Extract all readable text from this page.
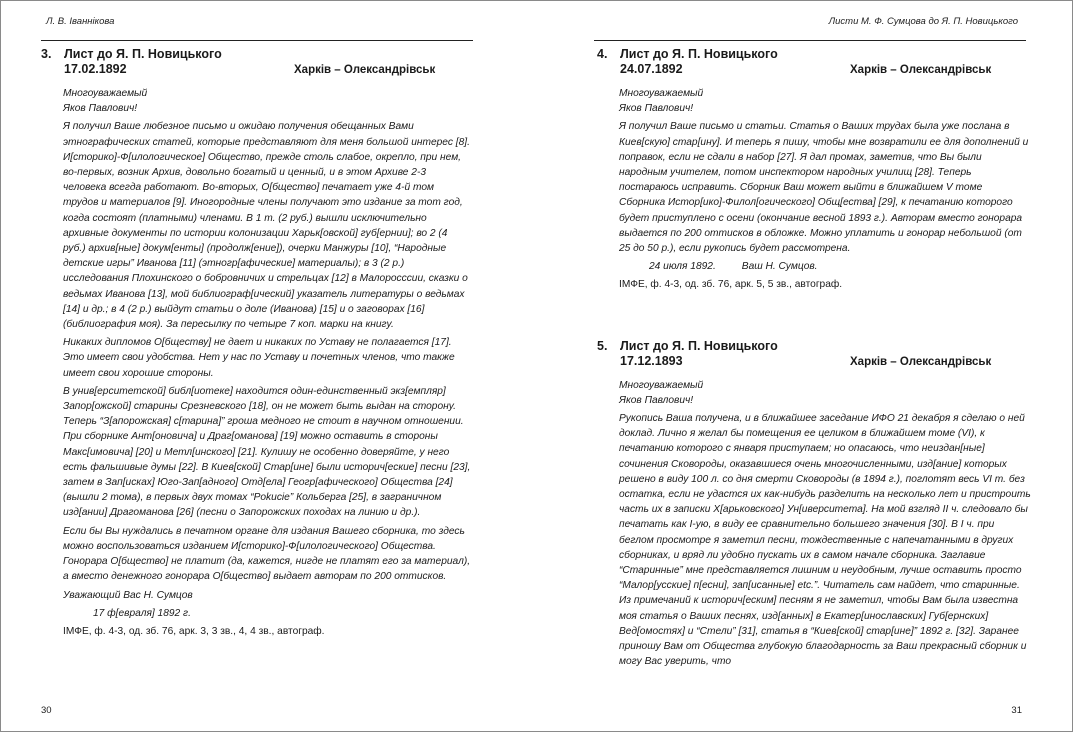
Л. В. Іваннікова
3.	Лист до Я. П. Новицького
17.02.1892	Харків – Олександрівськ

Многоуважаемый

Яков Павлович!

Я получил Ваше любезное письмо и ожидаю получения обещанных Вами этнографических статей, которые представляют для меня большой интерес [8]. И[сторико]-Ф[илологическое] Общество, прежде столь слабое, окрепло, при нем, во-первых, возник Архив, довольно богатый и ценный, и в этом Архиве 2-3 человека всегда работают. Во-вторых, О[бщество] печатает уже 4-й том трудов и материалов [9]. Иногородные члены получают это издание за тот год, когда состоят (платными) членами. В 1 т. (2 руб.) вышли исключительно архивные документы по истории колонизации Харьк[овской] губ[ернии]; во 2 (4 руб.) архив[ные] докум[енты] (продолж[ение]), очерки Манжуры [10], “Народные детские игры” Иванова [11] (этногр[афические] материалы); в 3 (2 р.) исследования Плохинского о бобровничих и стрельцах [12] в Малоросссии, сказки о ведьмах Иванова [13], мой библиограф[ический] указатель литературы о ведьмах [14] и др.; в 4 (2 р.) выйдут статьи о доле (Иванова) [15] и о заговорах [16] (библиография моя). За пересылку по четыре 7 коп. марки на книгу.

Никаких дипломов О[бществу] не дает и никаких по Уставу не полагается [17]. Это имеет свои удобства. Нет у нас по Уставу и почетных членов, что также имеет свои хорошие стороны.

В унив[ерситетской] библ[иотеке] находится один-единственный экз[емпляр] Запор[ожской] старины Срезневского [18], он не может быть выдан на сторону. Теперь “З[апорожская] с[тарина]” гроша медного не стоит в научном отношении. При сборнике Ант[оновича] и Драг[оманова] [19] можно оставить в стороны Макс[имовича] [20] и Метл[инского] [21]. Кулишу не особенно доверяйте, у него есть фальшивые думы [22]. В Киев[ской] Стар[ине] были историч[еские] песни [23], затем в Зап[исках] Юго-Зап[адного] Отд[ела] Геогр[афического] Общества [24] (вышли 2 тома), в первых двух томах “Pokucie” Кольберга [25], в заграничном изд[ании] Драгоманова [26] (песни о Запорожских походах на линию и др.).

Если бы Вы нуждались в печатном органе для издания Вашего сборника, то здесь можно воспользоваться изданием И[сторико]-Ф[илологического] Общества. Гонорара О[бщество] не платит (да, кажется, нигде не платят его за материал), а вместо денежного гонорара О[бщество] выдает авторам по 200 оттисков.

Уважающий Вас Н. Сумцов

17 ф[евраля] 1892 г.

ІМФЕ, ф. 4-3, од. зб. 76, арк. 3, 3 зв., 4, 4 зв., автограф.

30
Листи М. Ф. Сумцова до Я. П. Новицького
4.	Лист до Я. П. Новицького
24.07.1892	Харків – Олександрівськ

Многоуважаемый

Яков Павлович!

Я получил Ваше письмо и статьи. Статья о Ваших трудах была уже послана в Киев[скую] стар[ину]. И теперь я пишу, чтобы мне возвратили ее для дополнений и поправок, если не сдали в набор [27]. Я дал промах, заметив, что Вы были народным учителем, потом инспектором народных училищ [28]. Теперь постараюсь исправить. Сборник Ваш может выйти в ближайшем V томе Сборника Истор[ико]-Филол[огического] Общ[ества] [29], к печатанию которого будет приступлено с осени (окончание весной 1893 г.). Авторам вместо гонорара выдается по 200 оттисков в обложке. Можно уплатить и гонорар небольшой (от 25 до 50 р.), если рукопись будет рассмотрена.

24 июля 1892.	Ваш Н. Сумцов.

ІМФЕ, ф. 4-3, од. зб. 76, арк. 5, 5 зв., автограф.

5.	Лист до Я. П. Новицького
17.12.1893	Харків – Олександрівськ

Многоуважаемый

Яков Павлович!

Рукопись Ваша получена, и в ближайшее заседание ИФО 21 декабря я сделаю о ней доклад. Лично я желал бы помещения ее целиком в ближайшем томе (VI), к печатанию которого с января приступаем; но опасаюсь, что неиздан[ные] сочинения Сковороды, оказавшиеся очень многочисленными, изд[ание] которых решено в виду 100 л. со дня смерти Сковороды (в 1894 г.), поглотят весь VI т. без остатка, если не удастся их как-нибудь разделить на несколько лет и пристроить часть их в записки Х[арьковского] Ун[иверситета]. На мой взгляд II ч. следовало бы печатать как I-ую, в виду ее сравнительно большего значения [30]. В I ч. при беглом просмотре я заметил песни, тождественные с напечатанными в других сборниках, и вряд ли удобно пускать их в самом начале сборника. Заглавие “Старинные” мне представляется лишним и неудобным, лучше оставить просто “Малор[усские] п[есни], зап[исанные] etc.”. Читатель сам найдет, что старинные. Из примечаний к историч[еским] песням я не заметил, чтобы Вам была известна моя статья о Ваших песнях, изд[анных] в Екатер[инославских] Губ[ернских] Вед[омостях] и “Стели” [31], статья в “Киев[ской] стар[ине]” 1892 г. [32]. Заранее приношу Вам от Общества глубокую благодарность за Ваш прекрасный сборник и могу Вас уверить, что

31
